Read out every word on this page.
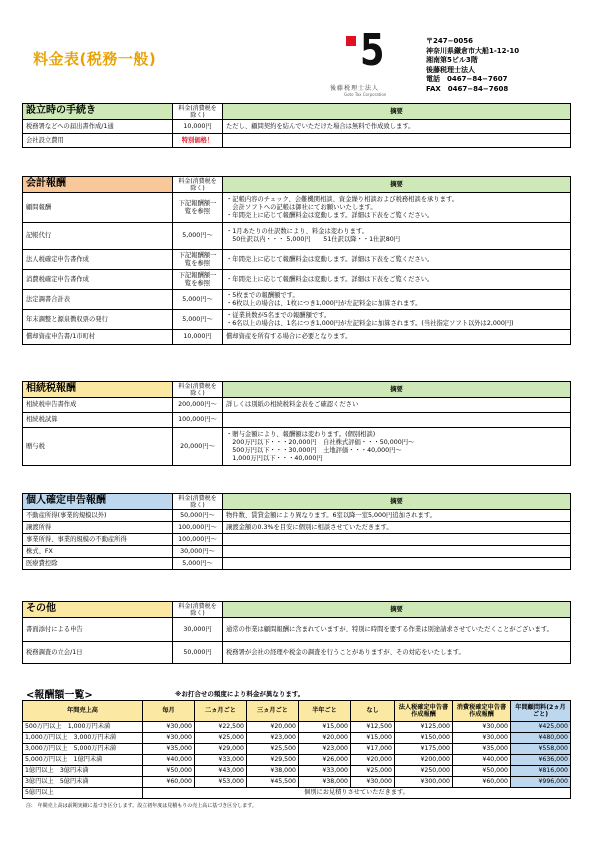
料金表(税務一般)	5
後藤税理士法人
Goto Tax Corporation
〒247−0056
神奈川県鎌倉市大船1-12-10
湘南第5ビル3階
後藤税理士法人
電話　0467−84−7607
FAX　0467−84−7608
設立時の手続き	料金(消費税を除く)	摘要
税務署などへの届出書作成/1通	10,000円	ただし、顧問契約を結んでいただけた場合は無料で作成致します。
会社設立費用	特別価格！	
会計報酬	料金(消費税を除く)	摘要
顧問報酬	下記報酬額一覧を参照	・記帳内容のチェック、会難機関相談、資金繰り相談および税務相談を承ります。
　会計ソフトへの記帳は御社にてお願いいたします。
・年間売上に応じて報酬料金は変動します。詳細は下表をご覧ください。
記帳代行	5,000円〜	・1月あたりの仕訳数により、料金は変わります。
　50仕訳以内・・・ 5,000円　　51仕訳以降・・1仕訳80円
法人税確定申告書作成	下記報酬額一覧を参照	・年間売上に応じて報酬料金は変動します。詳細は下表をご覧ください。
消費税確定申告書作成	下記報酬額一覧を参照	・年間売上に応じて報酬料金は変動します。詳細は下表をご覧ください。
法定調書合計表	5,000円〜	・5枚までの報酬額です。
・6枚以上の場合は、1枚につき1,000円が左記料金に加算されます。
年末調整と源泉徴収票の発行	5,000円〜	・従業員数が5名までの報酬額です。
・6名以上の場合は、1名につき1,000円が左記料金に加算されます。(当社指定ソフト以外は2,000円)
償却資産申告書/1市町村	10,000円	償却資産を所有する場合に必要となります。
相続税報酬	料金(消費税を除く)	摘要
相続税申告書作成	200,000円〜	詳しくは別紙の相続税料金表をご確認ください
相続税試算	100,000円〜	
贈与税	20,000円〜	・贈与金額により、報酬額は変わります。(個別相談)
　200万円以下・・・20,000円　自社株式評価・・・50,000円〜
　500万円以下・・・30,000円　土地評価・・・40,000円〜
　1,000万円以下・・・40,000円
個人確定申告報酬	料金(消費税を除く)	摘要
不動産所得(事業的規模以外)	50,000円〜	物件数、賃貸金額により異なります。6室以降一室5,000円追加されます。
譲渡所得	100,000円〜	譲渡金額の0.3%を目安に個別に相談させていただきます。
事業所得、事業的規模の不動産所得	100,000円〜	
株式、FX	30,000円〜	
医療費控除	5,000円〜	
その他	料金(消費税を除く)	摘要
書面添付による申告	30,000円	通常の作業は顧問報酬に含まれていますが、特別に時間を要する作業は別途請求させていただくことがございます。
税務調査の立会/1日	50,000円	税務署が会社の経理や税金の調査を行うことがありますが、その対応をいたします。
<報酬額一覧>	※お打合せの頻度により料金が異なります。
年間売上高	毎月	二ヵ月ごと	三ヵ月ごと	半年ごと	なし	法人税確定申告書作成報酬	消費税確定申告書作成報酬	年間顧問料(2ヵ月ごと)
500万円以上　1,000万円未満	¥30,000	¥22,500	¥20,000	¥15,000	¥12,500	¥125,000	¥30,000	¥425,000
1,000万円以上　3,000万円未満	¥30,000	¥25,000	¥23,000	¥20,000	¥15,000	¥150,000	¥30,000	¥480,000
3,000万円以上　5,000万円未満	¥35,000	¥29,000	¥25,500	¥23,000	¥17,000	¥175,000	¥35,000	¥558,000
5,000万円以上　1億円未満	¥40,000	¥33,000	¥29,500	¥26,000	¥20,000	¥200,000	¥40,000	¥636,000
1億円以上　3億円未満	¥50,000	¥43,000	¥38,000	¥33,000	¥25,000	¥250,000	¥50,000	¥816,000
3億円以上　5億円未満	¥60,000	¥53,000	¥45,500	¥38,000	¥30,000	¥300,000	¥60,000	¥996,000
5億円以上	個別にお見積りさせていただきます。							
注:　年間売上高は前期実績に基づき区分します。設立初年度は見積もりの売上高に基づき区分します。
